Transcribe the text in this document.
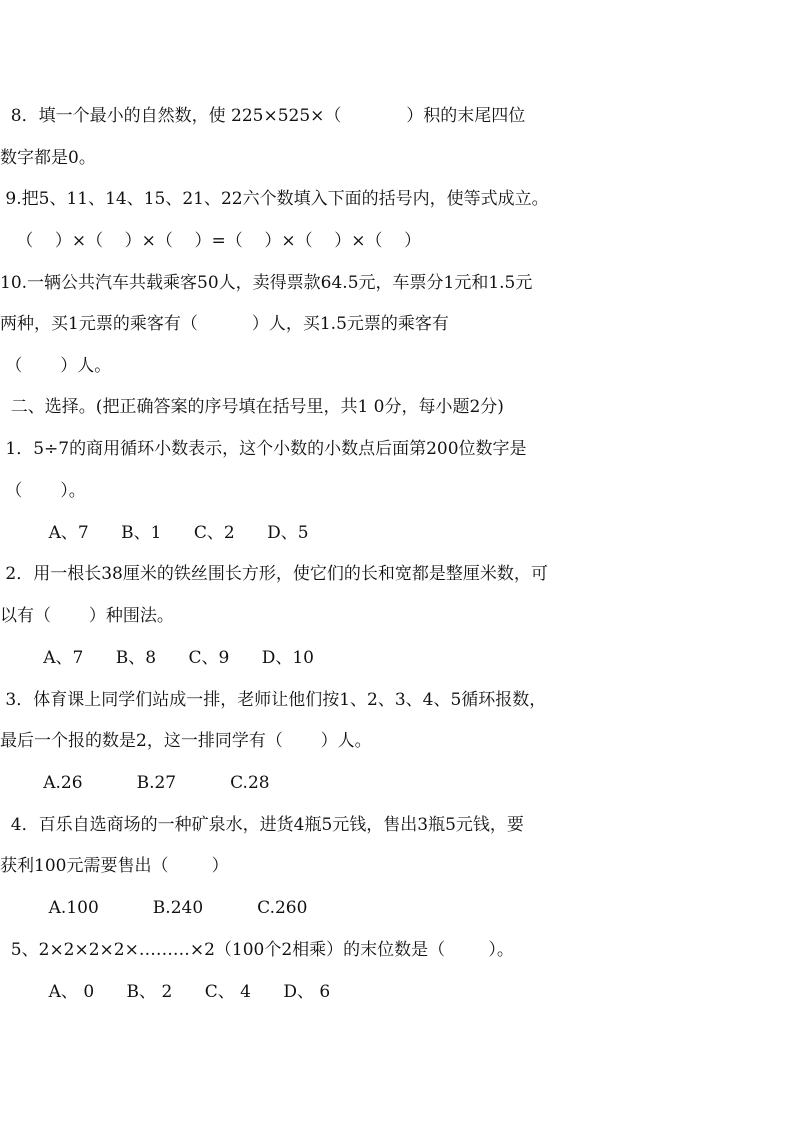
8．填一个最小的自然数，使 225×525×（            ）积的末尾四位
数字都是0。
9.把5、11、14、15、21、22六个数填入下面的括号内，使等式成立。
（    ）×（    ）×（    ）=（    ）×（    ）×（    ）
10.一辆公共汽车共载乘客50人，卖得票款64.5元，车票分1元和1.5元
两种，买1元票的乘客有（          ）人，买1.5元票的乘客有
（       ）人。
二、选择。(把正确答案的序号填在括号里，共1 0分，每小题2分)
1．5÷7的商用循环小数表示，这个小数的小数点后面第200位数字是
（       ）。
A、7      B、1      C、2      D、5
2．用一根长38厘米的铁丝围长方形，使它们的长和宽都是整厘米数，可
以有（       ）种围法。
A、7      B、8      C、9      D、10
3．体育课上同学们站成一排，老师让他们按1、2、3、4、5循环报数，
最后一个报的数是2，这一排同学有（       ）人。
A.26          B.27          C.28
4．百乐自选商场的一种矿泉水，进货4瓶5元钱，售出3瓶5元钱，要
获利100元需要售出（        ）
A.100          B.240          C.260
5、2×2×2×2×………×2（100个2相乘）的末位数是（        ）。
A、 0      B、 2      C、 4      D、 6
